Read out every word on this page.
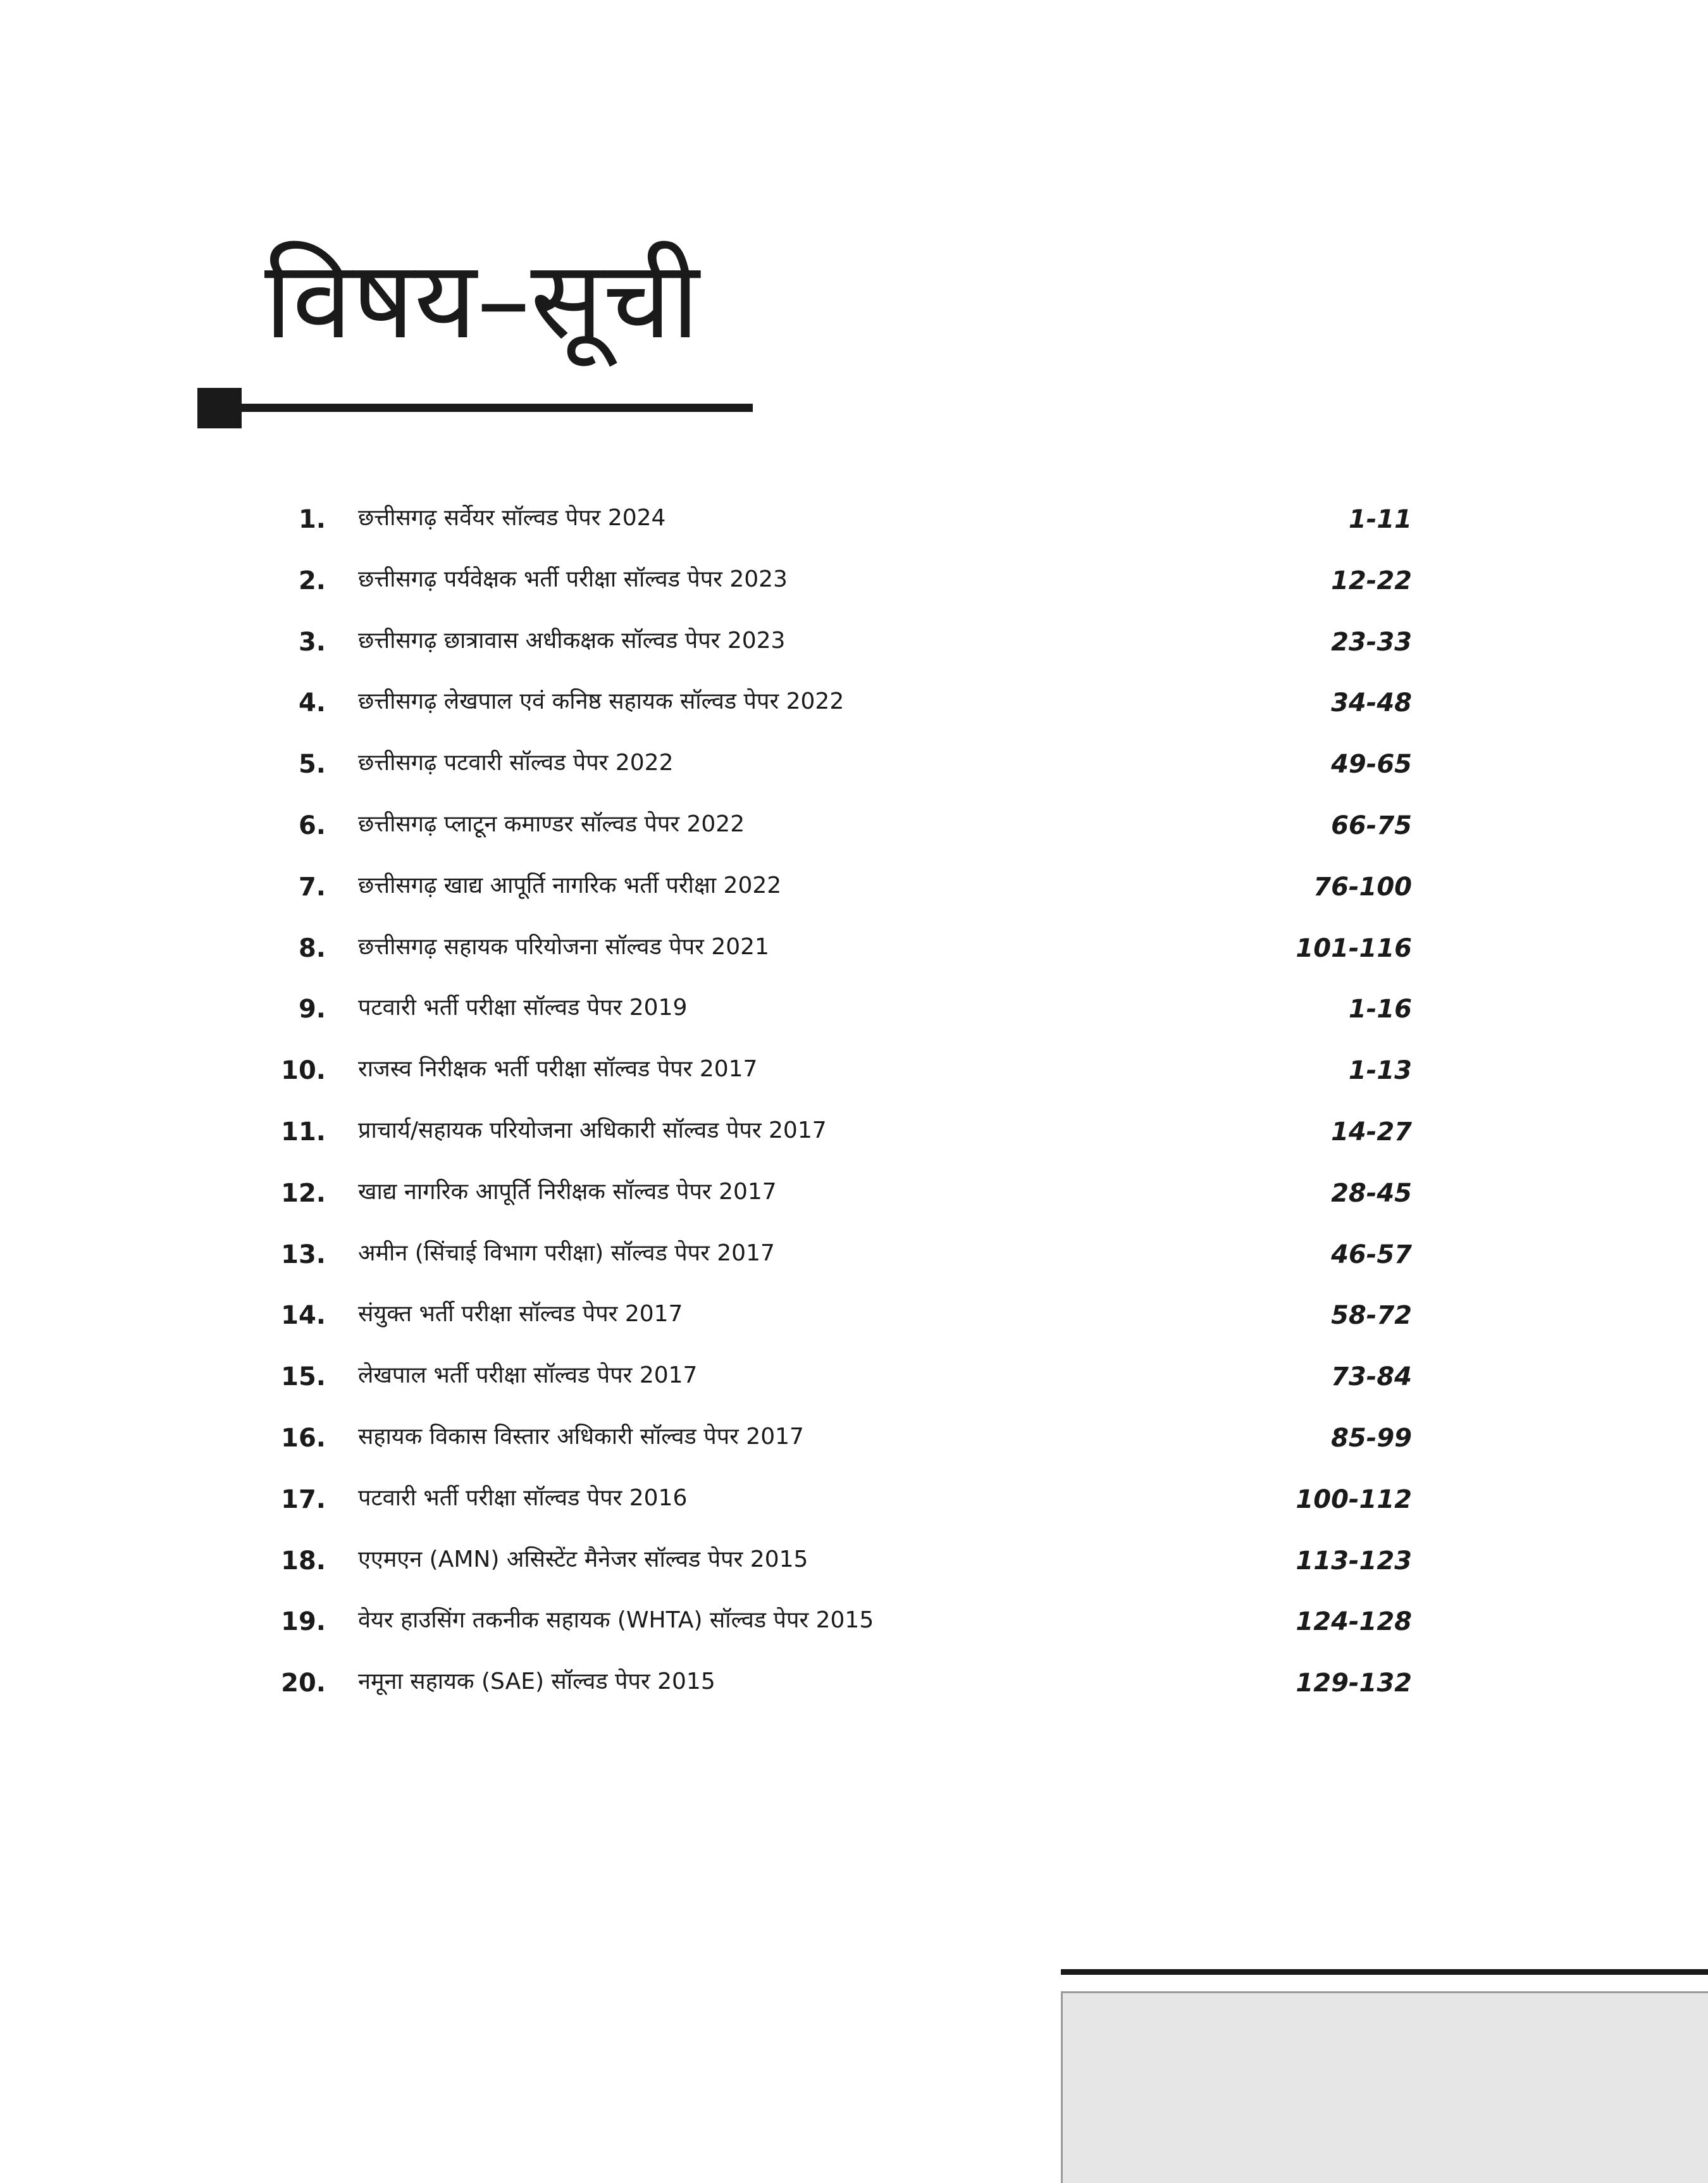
विषय–सूची
1. छत्तीसगढ़ सर्वेयर सॉल्वड पेपर 2024	1-11
2. छत्तीसगढ़ पर्यवेक्षक भर्ती परीक्षा सॉल्वड पेपर 2023	12-22
3. छत्तीसगढ़ छात्रावास अधीकक्षक सॉल्वड पेपर 2023	23-33
4. छत्तीसगढ़ लेखपाल एवं कनिष्ठ सहायक सॉल्वड पेपर 2022	34-48
5. छत्तीसगढ़ पटवारी सॉल्वड पेपर 2022	49-65
6. छत्तीसगढ़ प्लाटून कमाण्डर सॉल्वड पेपर 2022	66-75
7. छत्तीसगढ़ खाद्य आपूर्ति नागरिक भर्ती परीक्षा 2022	76-100
8. छत्तीसगढ़ सहायक परियोजना सॉल्वड पेपर 2021	101-116
9. पटवारी भर्ती परीक्षा सॉल्वड पेपर 2019	1-16
10. राजस्व निरीक्षक भर्ती परीक्षा सॉल्वड पेपर 2017	1-13
11. प्राचार्य/सहायक परियोजना अधिकारी सॉल्वड पेपर 2017	14-27
12. खाद्य नागरिक आपूर्ति निरीक्षक सॉल्वड पेपर 2017	28-45
13. अमीन (सिंचाई विभाग परीक्षा) सॉल्वड पेपर 2017	46-57
14. संयुक्त भर्ती परीक्षा सॉल्वड पेपर 2017	58-72
15. लेखपाल भर्ती परीक्षा सॉल्वड पेपर 2017	73-84
16. सहायक विकास विस्तार अधिकारी सॉल्वड पेपर 2017	85-99
17. पटवारी भर्ती परीक्षा सॉल्वड पेपर 2016	100-112
18. एएमएन (AMN) असिस्टेंट मैनेजर सॉल्वड पेपर 2015	113-123
19. वेयर हाउसिंग तकनीक सहायक (WHTA) सॉल्वड पेपर 2015	124-128
20. नमूना सहायक (SAE) सॉल्वड पेपर 2015	129-132
